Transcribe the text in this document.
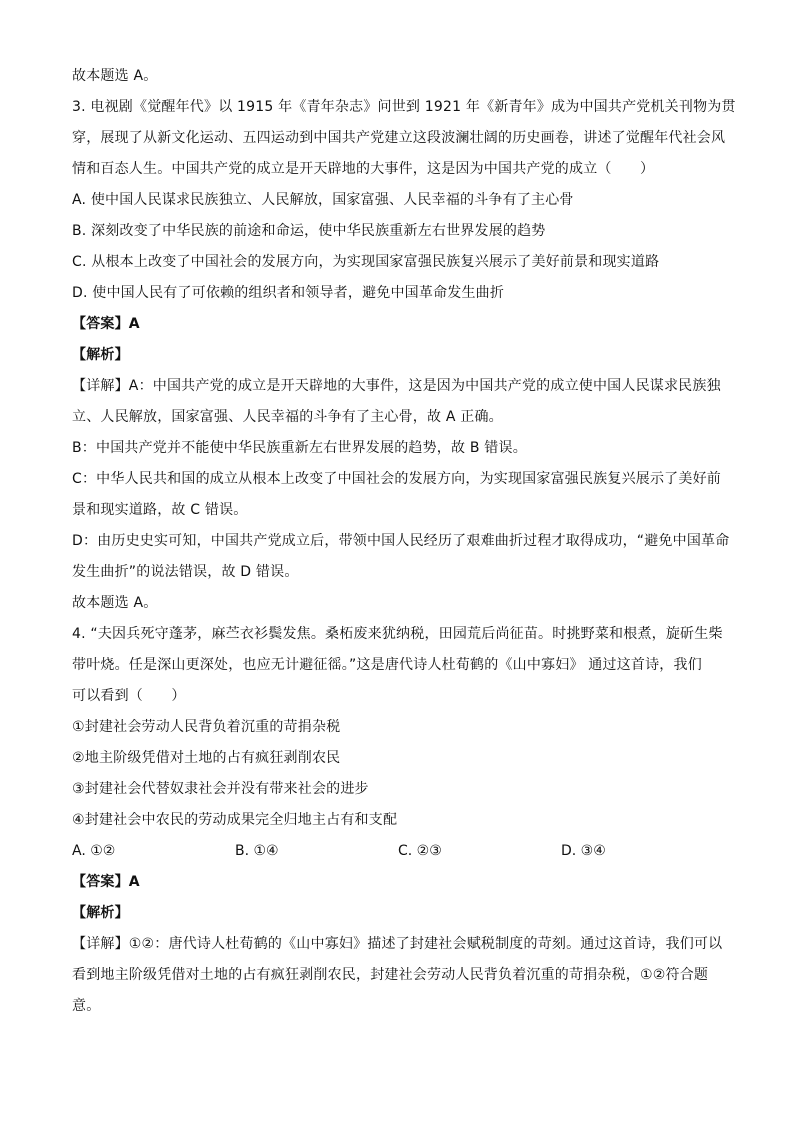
故本题选 A。
3. 电视剧《觉醒年代》以 1915 年《青年杂志》问世到 1921 年《新青年》成为中国共产党机关刊物为贯
穿，展现了从新文化运动、五四运动到中国共产党建立这段波澜壮阔的历史画卷，讲述了觉醒年代社会风
情和百态人生。中国共产党的成立是开天辟地的大事件，这是因为中国共产党的成立（　　）
A. 使中国人民谋求民族独立、人民解放，国家富强、人民幸福的斗争有了主心骨
B. 深刻改变了中华民族的前途和命运，使中华民族重新左右世界发展的趋势
C. 从根本上改变了中国社会的发展方向，为实现国家富强民族复兴展示了美好前景和现实道路
D. 使中国人民有了可依赖的组织者和领导者，避免中国革命发生曲折
【答案】A
【解析】
【详解】A：中国共产党的成立是开天辟地的大事件，这是因为中国共产党的成立使中国人民谋求民族独
立、人民解放，国家富强、人民幸福的斗争有了主心骨，故 A 正确。
B：中国共产党并不能使中华民族重新左右世界发展的趋势，故 B 错误。
C：中华人民共和国的成立从根本上改变了中国社会的发展方向，为实现国家富强民族复兴展示了美好前
景和现实道路，故 C 错误。
D：由历史史实可知，中国共产党成立后，带领中国人民经历了艰难曲折过程才取得成功，“避免中国革命
发生曲折”的说法错误，故 D 错误。
故本题选 A。
4. “夫因兵死守蓬茅，麻苎衣衫鬓发焦。桑柘废来犹纳税，田园荒后尚征苗。时挑野菜和根煮，旋斫生柴
带叶烧。任是深山更深处，也应无计避征徭。”这是唐代诗人杜荀鹤的《山中寡妇》 通过这首诗，我们
可以看到（　　）
①封建社会劳动人民背负着沉重的苛捐杂税
②地主阶级凭借对土地的占有疯狂剥削农民
③封建社会代替奴隶社会并没有带来社会的进步
④封建社会中农民的劳动成果完全归地主占有和支配
A. ①②	B. ①④	C. ②③	D. ③④
【答案】A
【解析】
【详解】①②：唐代诗人杜荀鹤的《山中寡妇》描述了封建社会赋税制度的苛刻。通过这首诗，我们可以
看到地主阶级凭借对土地的占有疯狂剥削农民，封建社会劳动人民背负着沉重的苛捐杂税，①②符合题
意。
